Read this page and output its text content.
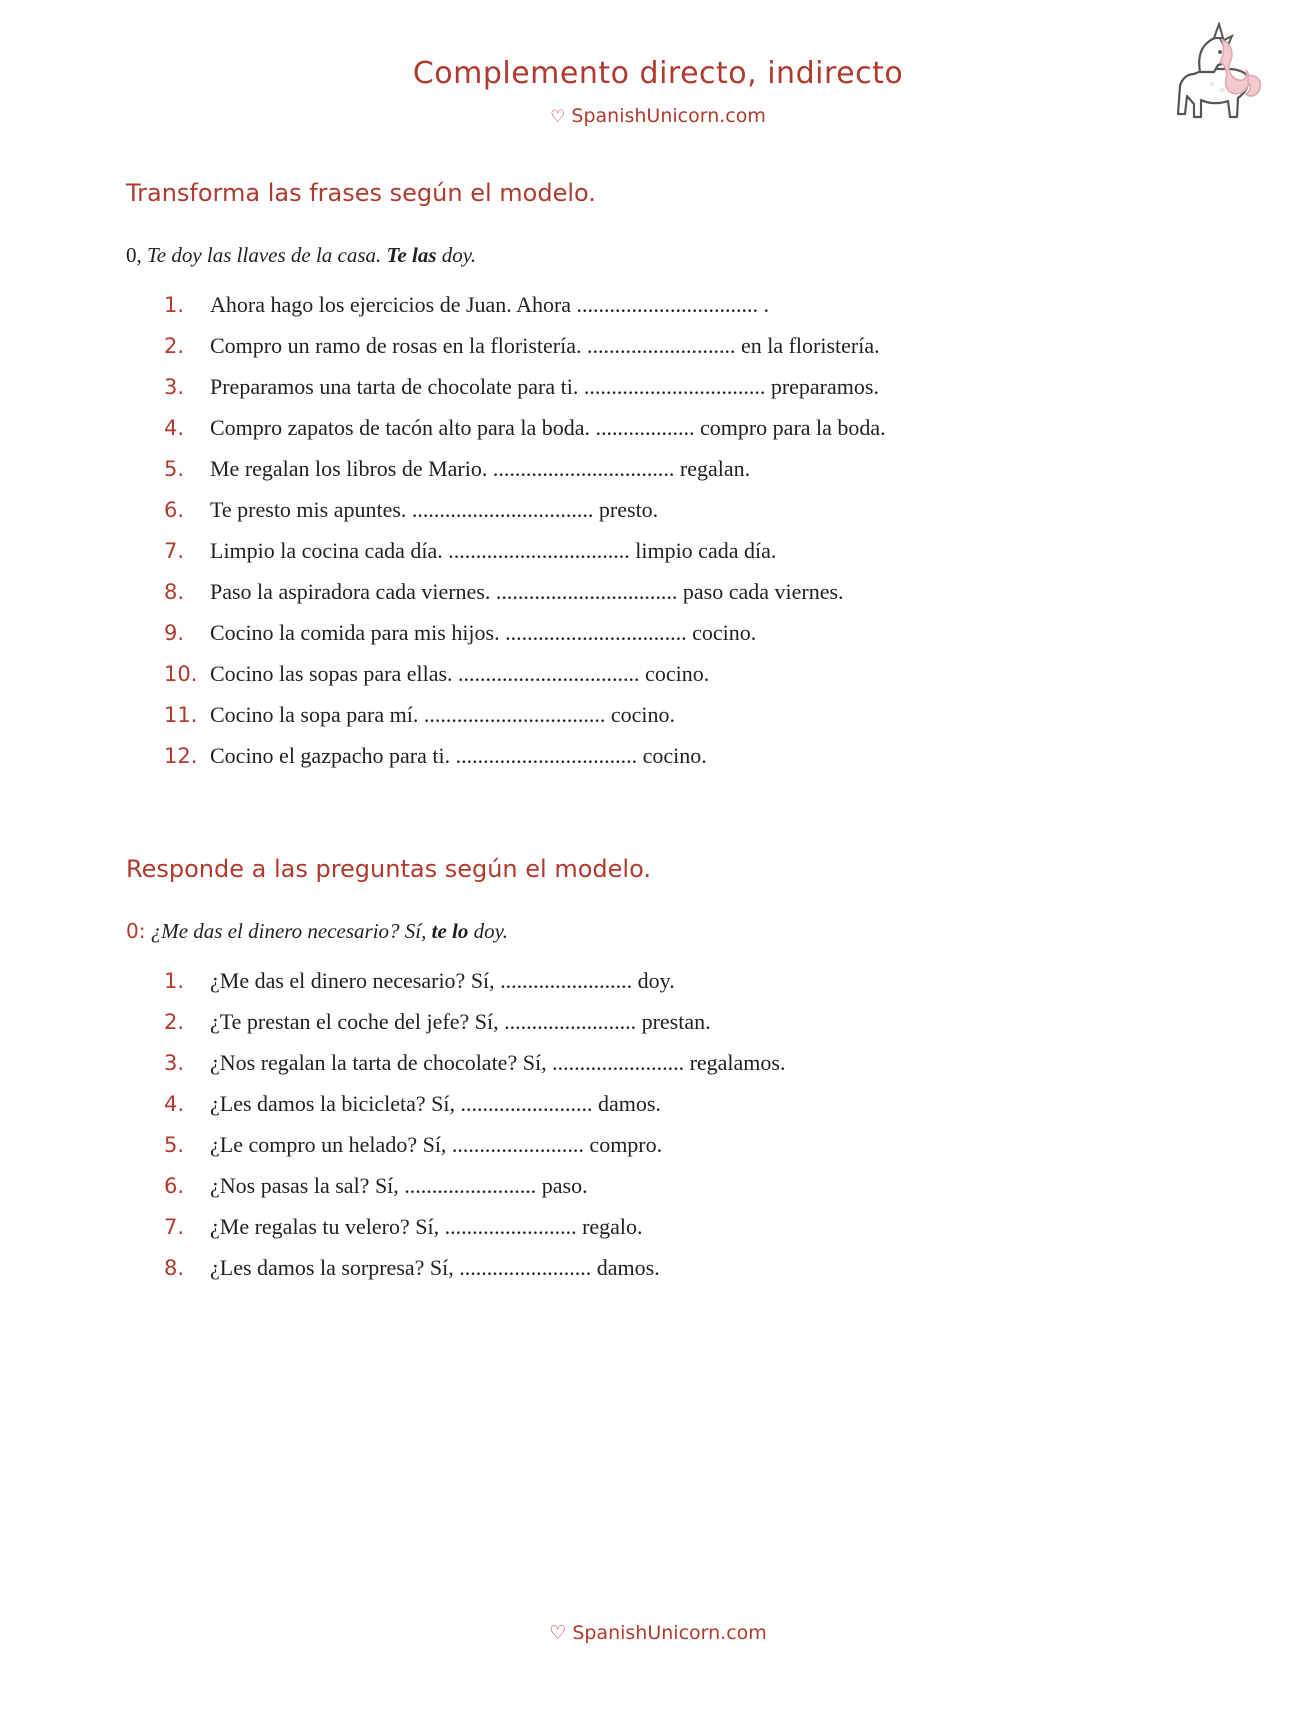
Complemento directo, indirecto
♡ SpanishUnicorn.com
Transforma las frases según el modelo.
0, Te doy las llaves de la casa. Te las doy.
1.	Ahora hago los ejercicios de Juan. Ahora ................................. .
2.	Compro un ramo de rosas en la floristería. ........................... en la floristería.
3.	Preparamos una tarta de chocolate para ti. ................................. preparamos.
4.	Compro zapatos de tacón alto para la boda. .................. compro para la boda.
5.	Me regalan los libros de Mario. ................................. regalan.
6.	Te presto mis apuntes. ................................. presto.
7.	Limpio la cocina cada día. ................................. limpio cada día.
8.	Paso la aspiradora cada viernes. ................................. paso cada viernes.
9.	Cocino la comida para mis hijos. ................................. cocino.
10. Cocino las sopas para ellas. ................................. cocino.
11. Cocino la sopa para mí. ................................. cocino.
12. Cocino el gazpacho para ti. ................................. cocino.
Responde a las preguntas según el modelo.
0: ¿Me das el dinero necesario? Sí, te lo doy.
1.	¿Me das el dinero necesario? Sí, ........................ doy.
2.	¿Te prestan el coche del jefe? Sí, ........................ prestan.
3.	¿Nos regalan la tarta de chocolate? Sí, ........................ regalamos.
4.	¿Les damos la bicicleta? Sí, ........................ damos.
5.	¿Le compro un helado? Sí, ........................ compro.
6.	¿Nos pasas la sal? Sí, ........................ paso.
7.	¿Me regalas tu velero? Sí, ........................ regalo.
8.	¿Les damos la sorpresa? Sí, ........................ damos.
♡ SpanishUnicorn.com
